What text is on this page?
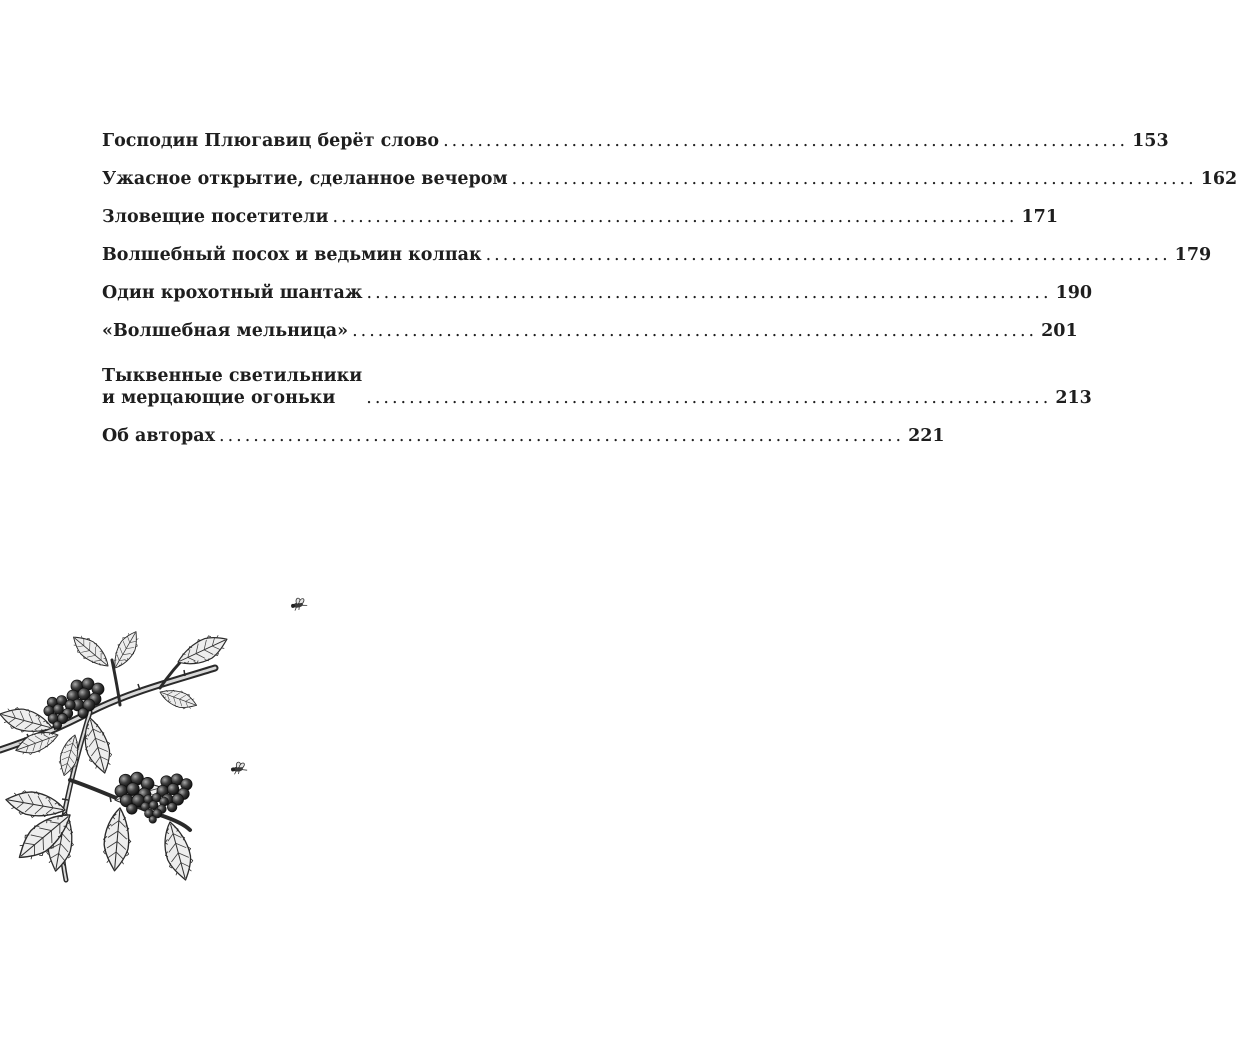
Господин Плюгавиц берёт слово ................................................................................ 153
Ужасное открытие, сделанное вечером ................................................................................ 162
Зловещие посетители ................................................................................ 171
Волшебный посох и ведьмин колпак ................................................................................ 179
Один крохотный шантаж ................................................................................ 190
«Волшебная мельница» ................................................................................ 201
Тыквенные светильники
и мерцающие огоньки	................................................................................ 213
Об авторах ................................................................................ 221
